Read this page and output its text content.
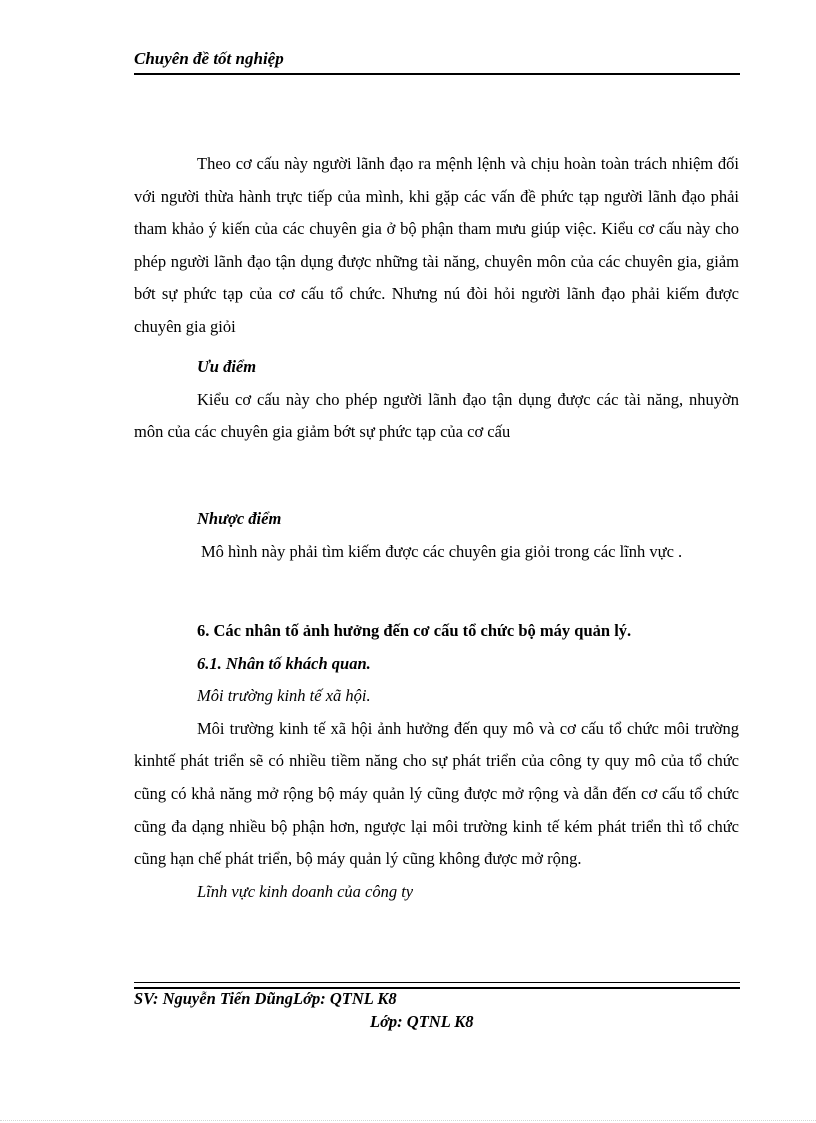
Chuyên đề tốt nghiệp

Theo cơ cấu này người lãnh đạo ra mệnh lệnh và chịu hoàn toàn trách nhiệm đối với người thừa hành trực tiếp của mình, khi gặp các vấn đề phức tạp người lãnh đạo phải tham khảo ý kiến của các chuyên gia ở bộ phận tham mưu giúp việc. Kiểu cơ cấu này cho phép người lãnh đạo tận dụng được những tài năng, chuyên môn của các chuyên gia, giảm bớt sự phức tạp của cơ cấu tổ chức. Nhưng nú đòi hỏi người lãnh đạo phải kiếm được chuyên gia giỏi

Ưu điểm

Kiểu cơ cấu này cho phép người lãnh đạo tận dụng được các tài năng, nhuyờn môn của các chuyên gia giảm bớt sự phức tạp của cơ cấu

Nhược điểm

Mô hình này phải tìm kiếm được các chuyên gia giỏi trong các lĩnh vực .

6. Các nhân tố ảnh hưởng đến cơ cấu tổ chức bộ máy quản lý.

6.1. Nhân tố khách quan.

Môi trường kinh tế xã hội.

Môi trường kinh tế xã hội ảnh hưởng đến quy mô và cơ cấu tổ chức môi trường kinhtế phát triển sẽ có nhiều tiềm năng cho sự phát triển của công ty quy mô của tổ chức cũng có khả năng mở rộng bộ máy quản lý cũng được mở rộng và dẫn đến cơ cấu tổ chức cũng đa dạng nhiều bộ phận hơn, ngược lại môi trường kinh tế kém phát triển thì tổ chức cũng hạn chế phát triển, bộ máy quản lý cũng không được mở rộng.

Lĩnh vực kinh doanh của công ty

SV: Nguyễn Tiến DũngLớp: QTNL K8
Lớp: QTNL K8
